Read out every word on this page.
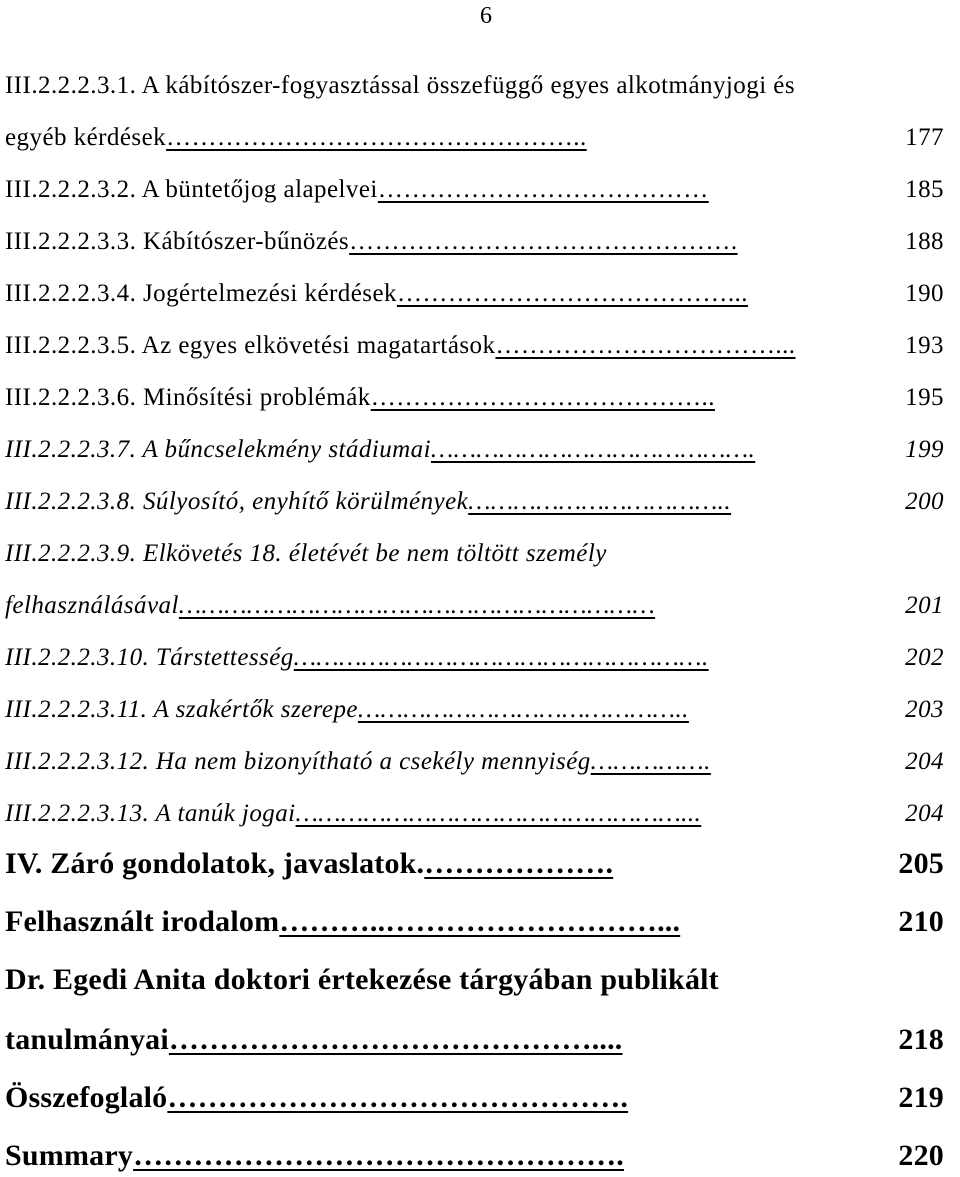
6
III.2.2.2.3.1. A kábítószer-fogyasztással összefüggő egyes alkotmányjogi és
egyéb kérdések…………………………………………..	177
III.2.2.2.3.2. A büntetőjog alapelvei…………………………………	185
III.2.2.2.3.3. Kábítószer-bűnözés……………………………………….	188
III.2.2.2.3.4. Jogértelmezési kérdések…………………………………...	190
III.2.2.2.3.5. Az egyes elkövetési magatartások……………………………...	193
III.2.2.2.3.6. Minősítési problémák…………………………………..	195
III.2.2.2.3.7. A bűncselekmény stádiumai…………………………………….	199
III.2.2.2.3.8. Súlyosító, enyhítő körülmények……………………………..	200
III.2.2.2.3.9. Elkövetés 18. életévét be nem töltött személy
felhasználásával………………………………………………………	201
III.2.2.2.3.10. Társtettesség……………………………………………….	202
III.2.2.2.3.11. A szakértők szerepe……………………………………..	203
III.2.2.2.3.12. Ha nem bizonyítható a csekély mennyiség…………….	204
III.2.2.2.3.13. A tanúk jogai……………………………………………...	204
IV. Záró gondolatok, javaslatok.……………….	205
Felhasznált irodalom………..………………………...	210
Dr. Egedi Anita doktori értekezése tárgyában publikált
tanulmányai……………………………………....	218
Összefoglaló……………………………………….	219
Summary………………………………………….	220
